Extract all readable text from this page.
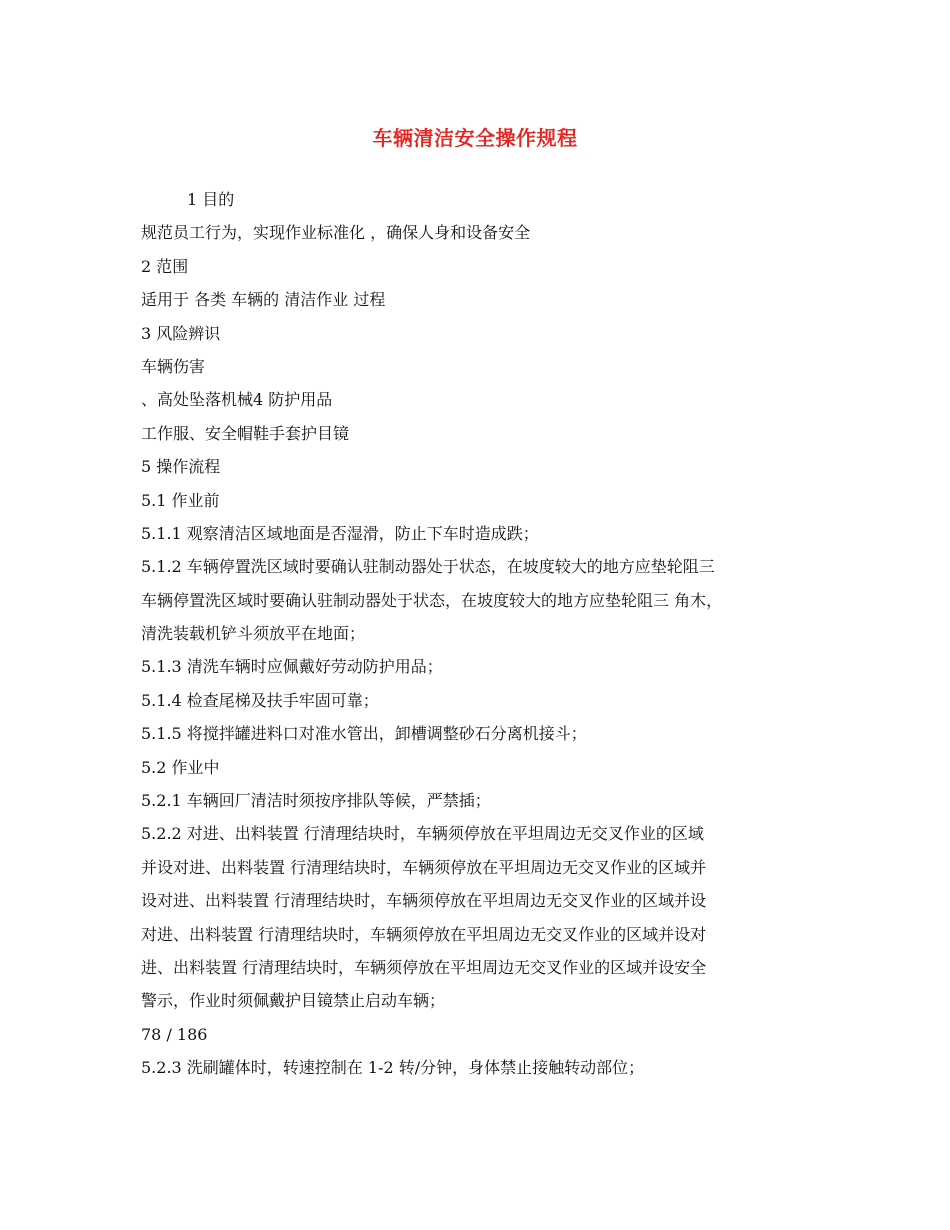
车辆清洁安全操作规程
1 目的
规范员工行为，实现作业标准化 ，确保人身和设备安全
2 范围
适用于 各类 车辆的 清洁作业 过程
3 风险辨识
车辆伤害
、高处坠落机械4 防护用品
工作服、安全帽鞋手套护目镜
5 操作流程
5.1 作业前
5.1.1 观察清洁区域地面是否湿滑，防止下车时造成跌；
5.1.2 车辆停置洗区域时要确认驻制动器处于状态，在坡度较大的地方应垫轮阻三
车辆停置洗区域时要确认驻制动器处于状态，在坡度较大的地方应垫轮阻三 角木，
清洗装载机铲斗须放平在地面；
5.1.3 清洗车辆时应佩戴好劳动防护用品；
5.1.4 检查尾梯及扶手牢固可靠；
5.1.5 将搅拌罐进料口对准水管出，卸槽调整砂石分离机接斗；
5.2 作业中
5.2.1 车辆回厂清洁时须按序排队等候，严禁插；
5.2.2 对进、出料装置 行清理结块时，车辆须停放在平坦周边无交叉作业的区域
并设对进、出料装置 行清理结块时，车辆须停放在平坦周边无交叉作业的区域并
设对进、出料装置 行清理结块时，车辆须停放在平坦周边无交叉作业的区域并设
对进、出料装置 行清理结块时，车辆须停放在平坦周边无交叉作业的区域并设对
进、出料装置 行清理结块时，车辆须停放在平坦周边无交叉作业的区域并设安全
警示，作业时须佩戴护目镜禁止启动车辆；
78 / 186
5.2.3 洗刷罐体时，转速控制在 1-2 转/分钟，身体禁止接触转动部位；
